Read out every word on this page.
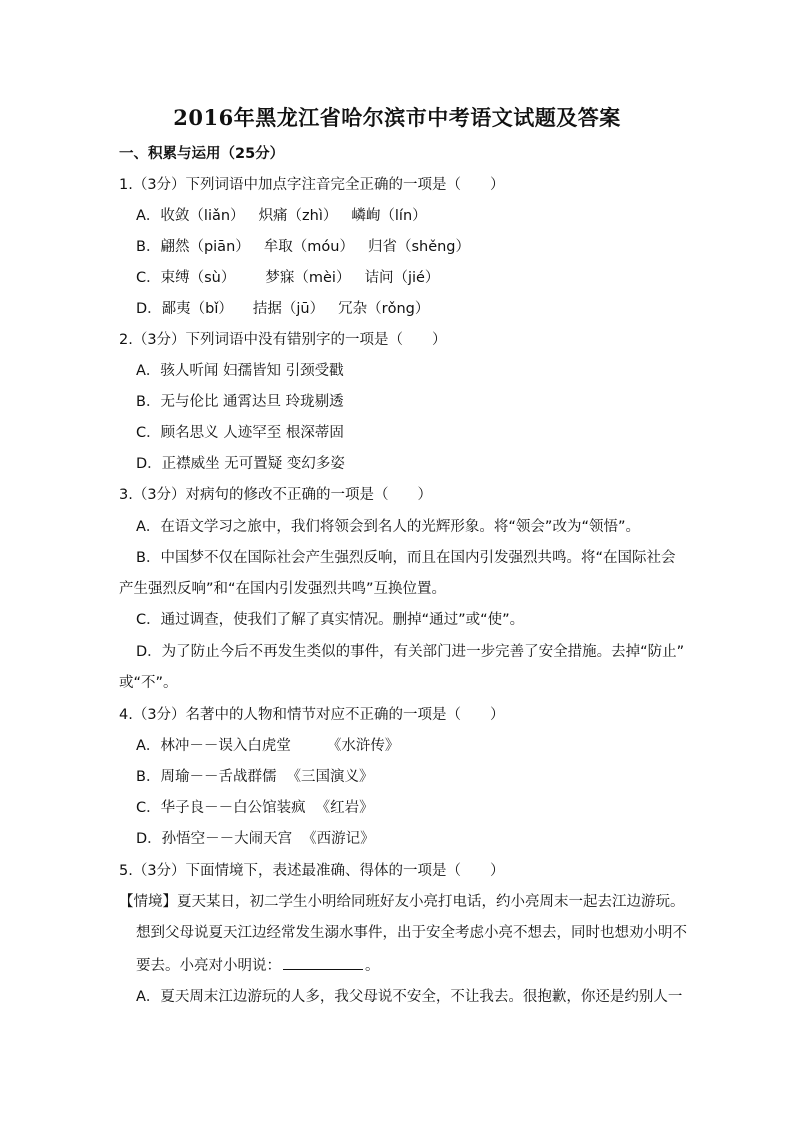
2016年黑龙江省哈尔滨市中考语文试题及答案
一、积累与运用（25分）
1.（3分）下列词语中加点字注音完全正确的一项是（　　）
A．收敛（liǎn） 炽痛（zhì） 嶙峋（lín）
B．翩然（piān） 牟取（móu） 归省（shěng）
C．束缚（sù） 梦寐（mèi） 诘问（jié）
D．鄙夷（bǐ） 拮据（jū） 冗杂（rǒng）
2.（3分）下列词语中没有错别字的一项是（　　）
A．骇人听闻 妇孺皆知 引颈受戳
B．无与伦比 通霄达旦 玲珑剔透
C．顾名思义 人迹罕至 根深蒂固
D．正襟威坐 无可置疑 变幻多姿
3.（3分）对病句的修改不正确的一项是（　　）
A．在语文学习之旅中，我们将领会到名人的光辉形象。将“领会”改为“领悟”。
B．中国梦不仅在国际社会产生强烈反响，而且在国内引发强烈共鸣。将“在国际社会
产生强烈反响”和“在国内引发强烈共鸣”互换位置。
C．通过调查，使我们了解了真实情况。删掉“通过”或“使”。
D．为了防止今后不再发生类似的事件，有关部门进一步完善了安全措施。去掉“防止”
或“不”。
4.（3分）名著中的人物和情节对应不正确的一项是（　　）
A．林冲－－误入白虎堂 《水浒传》
B．周瑜－－舌战群儒 《三国演义》
C．华子良－－白公馆装疯 《红岩》
D．孙悟空－－大闹天宫 《西游记》
5.（3分）下面情境下，表述最准确、得体的一项是（　　）
【情境】夏天某日，初二学生小明给同班好友小亮打电话，约小亮周末一起去江边游玩。
想到父母说夏天江边经常发生溺水事件，出于安全考虑小亮不想去，同时也想劝小明不
要去。小亮对小明说：	。
A．夏天周末江边游玩的人多，我父母说不安全，不让我去。很抱歉，你还是约别人一
